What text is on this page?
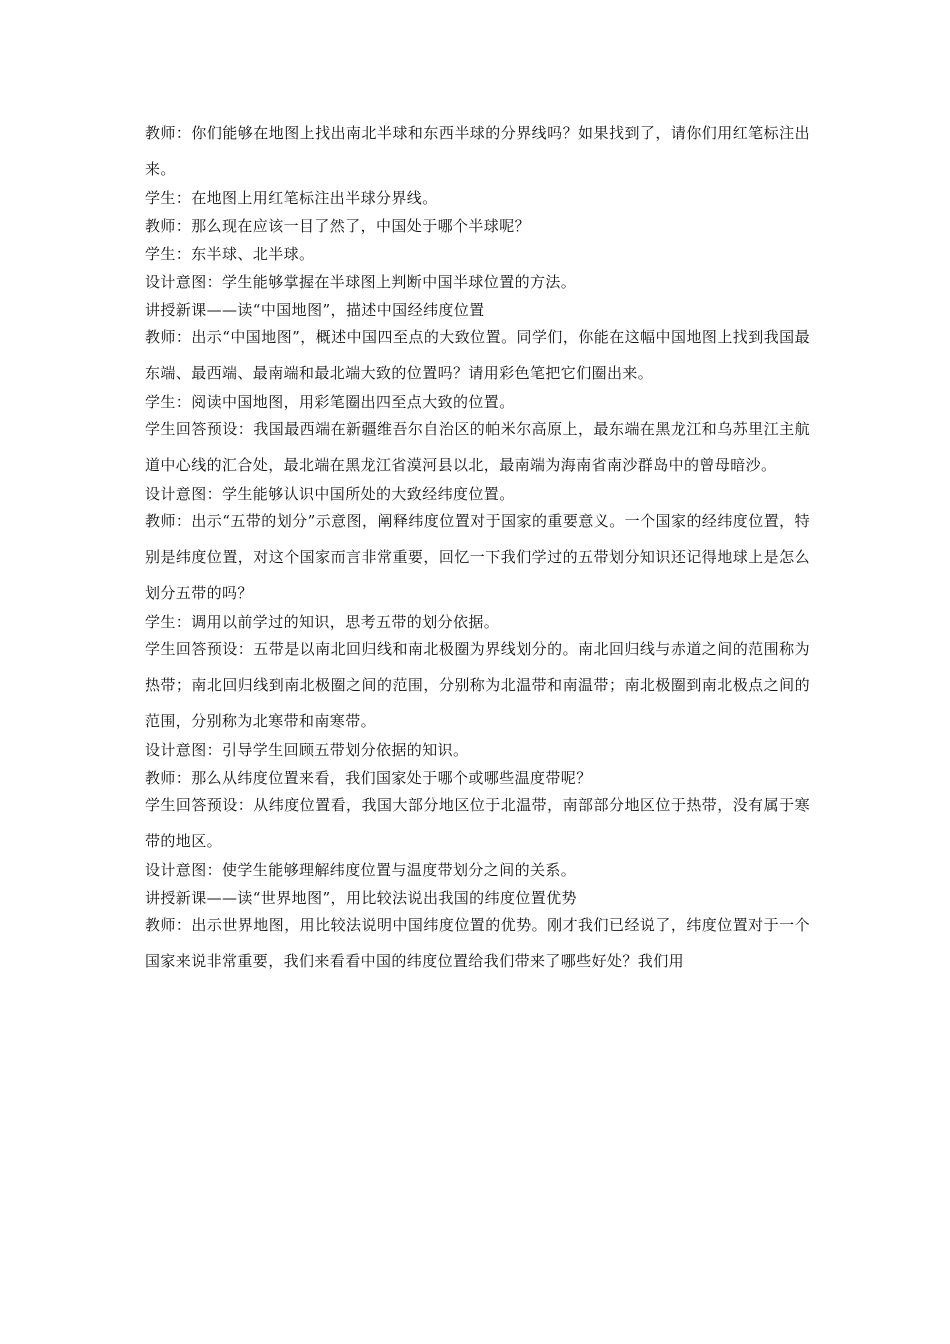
教师：你们能够在地图上找出南北半球和东西半球的分界线吗？如果找到了，请你们用红笔标注出来。

学生：在地图上用红笔标注出半球分界线。

教师：那么现在应该一目了然了，中国处于哪个半球呢？

学生：东半球、北半球。

设计意图：学生能够掌握在半球图上判断中国半球位置的方法。

讲授新课——读“中国地图”，描述中国经纬度位置

教师：出示“中国地图”，概述中国四至点的大致位置。同学们，你能在这幅中国地图上找到我国最东端、最西端、最南端和最北端大致的位置吗？请用彩色笔把它们圈出来。

学生：阅读中国地图，用彩笔圈出四至点大致的位置。

学生回答预设：我国最西端在新疆维吾尔自治区的帕米尔高原上，最东端在黑龙江和乌苏里江主航道中心线的汇合处，最北端在黑龙江省漠河县以北，最南端为海南省南沙群岛中的曾母暗沙。

设计意图：学生能够认识中国所处的大致经纬度位置。

教师：出示“五带的划分”示意图，阐释纬度位置对于国家的重要意义。一个国家的经纬度位置，特别是纬度位置，对这个国家而言非常重要，回忆一下我们学过的五带划分知识还记得地球上是怎么划分五带的吗？

学生：调用以前学过的知识，思考五带的划分依据。

学生回答预设：五带是以南北回归线和南北极圈为界线划分的。南北回归线与赤道之间的范围称为热带；南北回归线到南北极圈之间的范围，分别称为北温带和南温带；南北极圈到南北极点之间的范围，分别称为北寒带和南寒带。

设计意图：引导学生回顾五带划分依据的知识。

教师：那么从纬度位置来看，我们国家处于哪个或哪些温度带呢？

学生回答预设：从纬度位置看，我国大部分地区位于北温带，南部部分地区位于热带，没有属于寒带的地区。

设计意图：使学生能够理解纬度位置与温度带划分之间的关系。

讲授新课——读“世界地图”，用比较法说出我国的纬度位置优势

教师：出示世界地图，用比较法说明中国纬度位置的优势。刚才我们已经说了，纬度位置对于一个国家来说非常重要，我们来看看中国的纬度位置给我们带来了哪些好处？我们用
